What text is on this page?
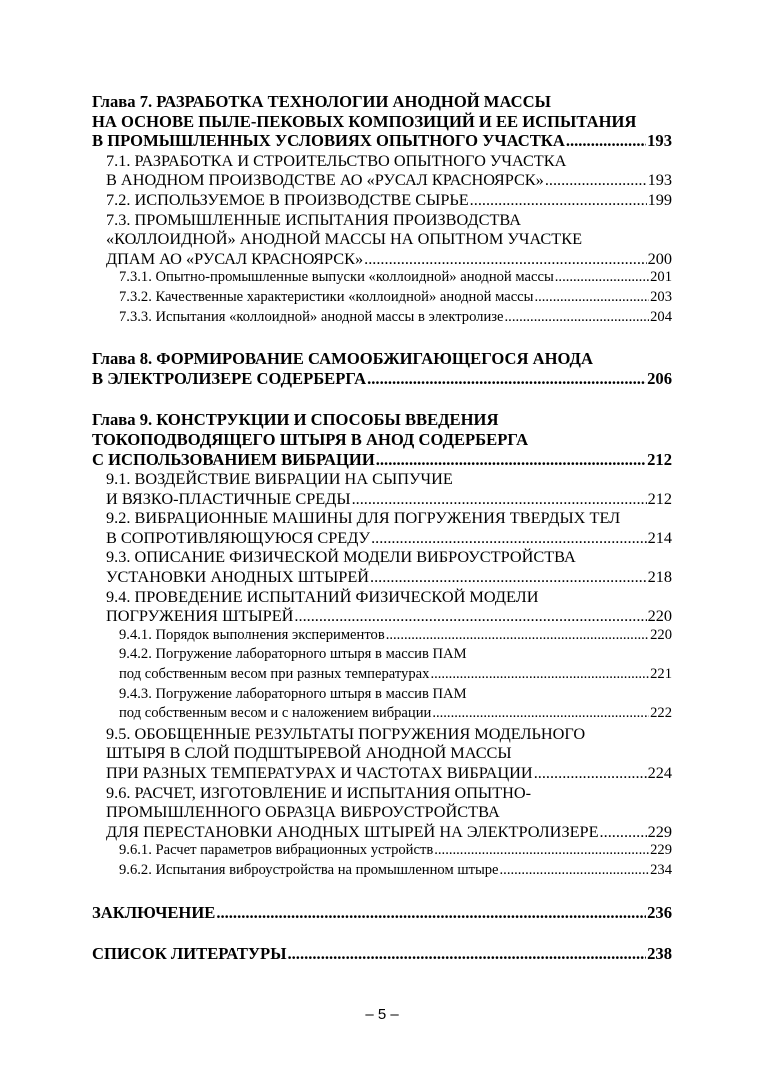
Глава 7. РАЗРАБОТКА ТЕХНОЛОГИИ АНОДНОЙ МАССЫ
НА ОСНОВЕ ПЫЛЕ-ПЕКОВЫХ КОМПОЗИЦИЙ И ЕЕ ИСПЫТАНИЯ
В ПРОМЫШЛЕННЫХ УСЛОВИЯХ ОПЫТНОГО УЧАСТКА .....	193
7.1. РАЗРАБОТКА И СТРОИТЕЛЬСТВО ОПЫТНОГО УЧАСТКА
В АНОДНОМ ПРОИЗВОДСТВЕ АО «РУСАЛ КРАСНОЯРСК» .....	193
7.2. ИСПОЛЬЗУЕМОЕ В ПРОИЗВОДСТВЕ СЫРЬЕ .....	199
7.3. ПРОМЫШЛЕННЫЕ ИСПЫТАНИЯ ПРОИЗВОДСТВА
«КОЛЛОИДНОЙ» АНОДНОЙ МАССЫ НА ОПЫТНОМ УЧАСТКЕ
ДПАМ АО «РУСАЛ КРАСНОЯРСК» .....	200
7.3.1. Опытно-промышленные выпуски «коллоидной» анодной массы .....	201
7.3.2. Качественные характеристики «коллоидной» анодной массы .....	203
7.3.3. Испытания «коллоидной» анодной массы в электролизе .....	204
Глава 8. ФОРМИРОВАНИЕ САМООБЖИГАЮЩЕГОСЯ АНОДА
В ЭЛЕКТРОЛИЗЕРЕ СОДЕРБЕРГА .....	206
Глава 9. КОНСТРУКЦИИ И СПОСОБЫ ВВЕДЕНИЯ
ТОКОПОДВОДЯЩЕГО ШТЫРЯ В АНОД СОДЕРБЕРГА
С ИСПОЛЬЗОВАНИЕМ ВИБРАЦИИ .....	212
9.1. ВОЗДЕЙСТВИЕ ВИБРАЦИИ НА СЫПУЧИЕ
И ВЯЗКО-ПЛАСТИЧНЫЕ СРЕДЫ .....	212
9.2. ВИБРАЦИОННЫЕ МАШИНЫ ДЛЯ ПОГРУЖЕНИЯ ТВЕРДЫХ ТЕЛ
В СОПРОТИВЛЯЮЩУЮСЯ СРЕДУ .....	214
9.3. ОПИСАНИЕ ФИЗИЧЕСКОЙ МОДЕЛИ ВИБРОУСТРОЙСТВА
УСТАНОВКИ АНОДНЫХ ШТЫРЕЙ .....	218
9.4. ПРОВЕДЕНИЕ ИСПЫТАНИЙ ФИЗИЧЕСКОЙ МОДЕЛИ
ПОГРУЖЕНИЯ ШТЫРЕЙ .....	220
9.4.1. Порядок выполнения экспериментов .....	220
9.4.2. Погружение лабораторного штыря в массив ПАМ
под собственным весом при разных температурах .....	221
9.4.3. Погружение лабораторного штыря в массив ПАМ
под собственным весом и с наложением вибрации .....	222
9.5. ОБОБЩЕННЫЕ РЕЗУЛЬТАТЫ ПОГРУЖЕНИЯ МОДЕЛЬНОГО
ШТЫРЯ В СЛОЙ ПОДШТЫРЕВОЙ АНОДНОЙ МАССЫ
ПРИ РАЗНЫХ ТЕМПЕРАТУРАХ И ЧАСТОТАХ ВИБРАЦИИ .....	224
9.6. РАСЧЕТ, ИЗГОТОВЛЕНИЕ И ИСПЫТАНИЯ ОПЫТНО-
ПРОМЫШЛЕННОГО ОБРАЗЦА ВИБРОУСТРОЙСТВА
ДЛЯ ПЕРЕСТАНОВКИ АНОДНЫХ ШТЫРЕЙ НА ЭЛЕКТРОЛИЗЕРЕ .....	229
9.6.1. Расчет параметров вибрационных устройств .....	229
9.6.2. Испытания виброустройства на промышленном штыре .....	234
ЗАКЛЮЧЕНИЕ .....	236
СПИСОК ЛИТЕРАТУРЫ .....	238
– 5 –
